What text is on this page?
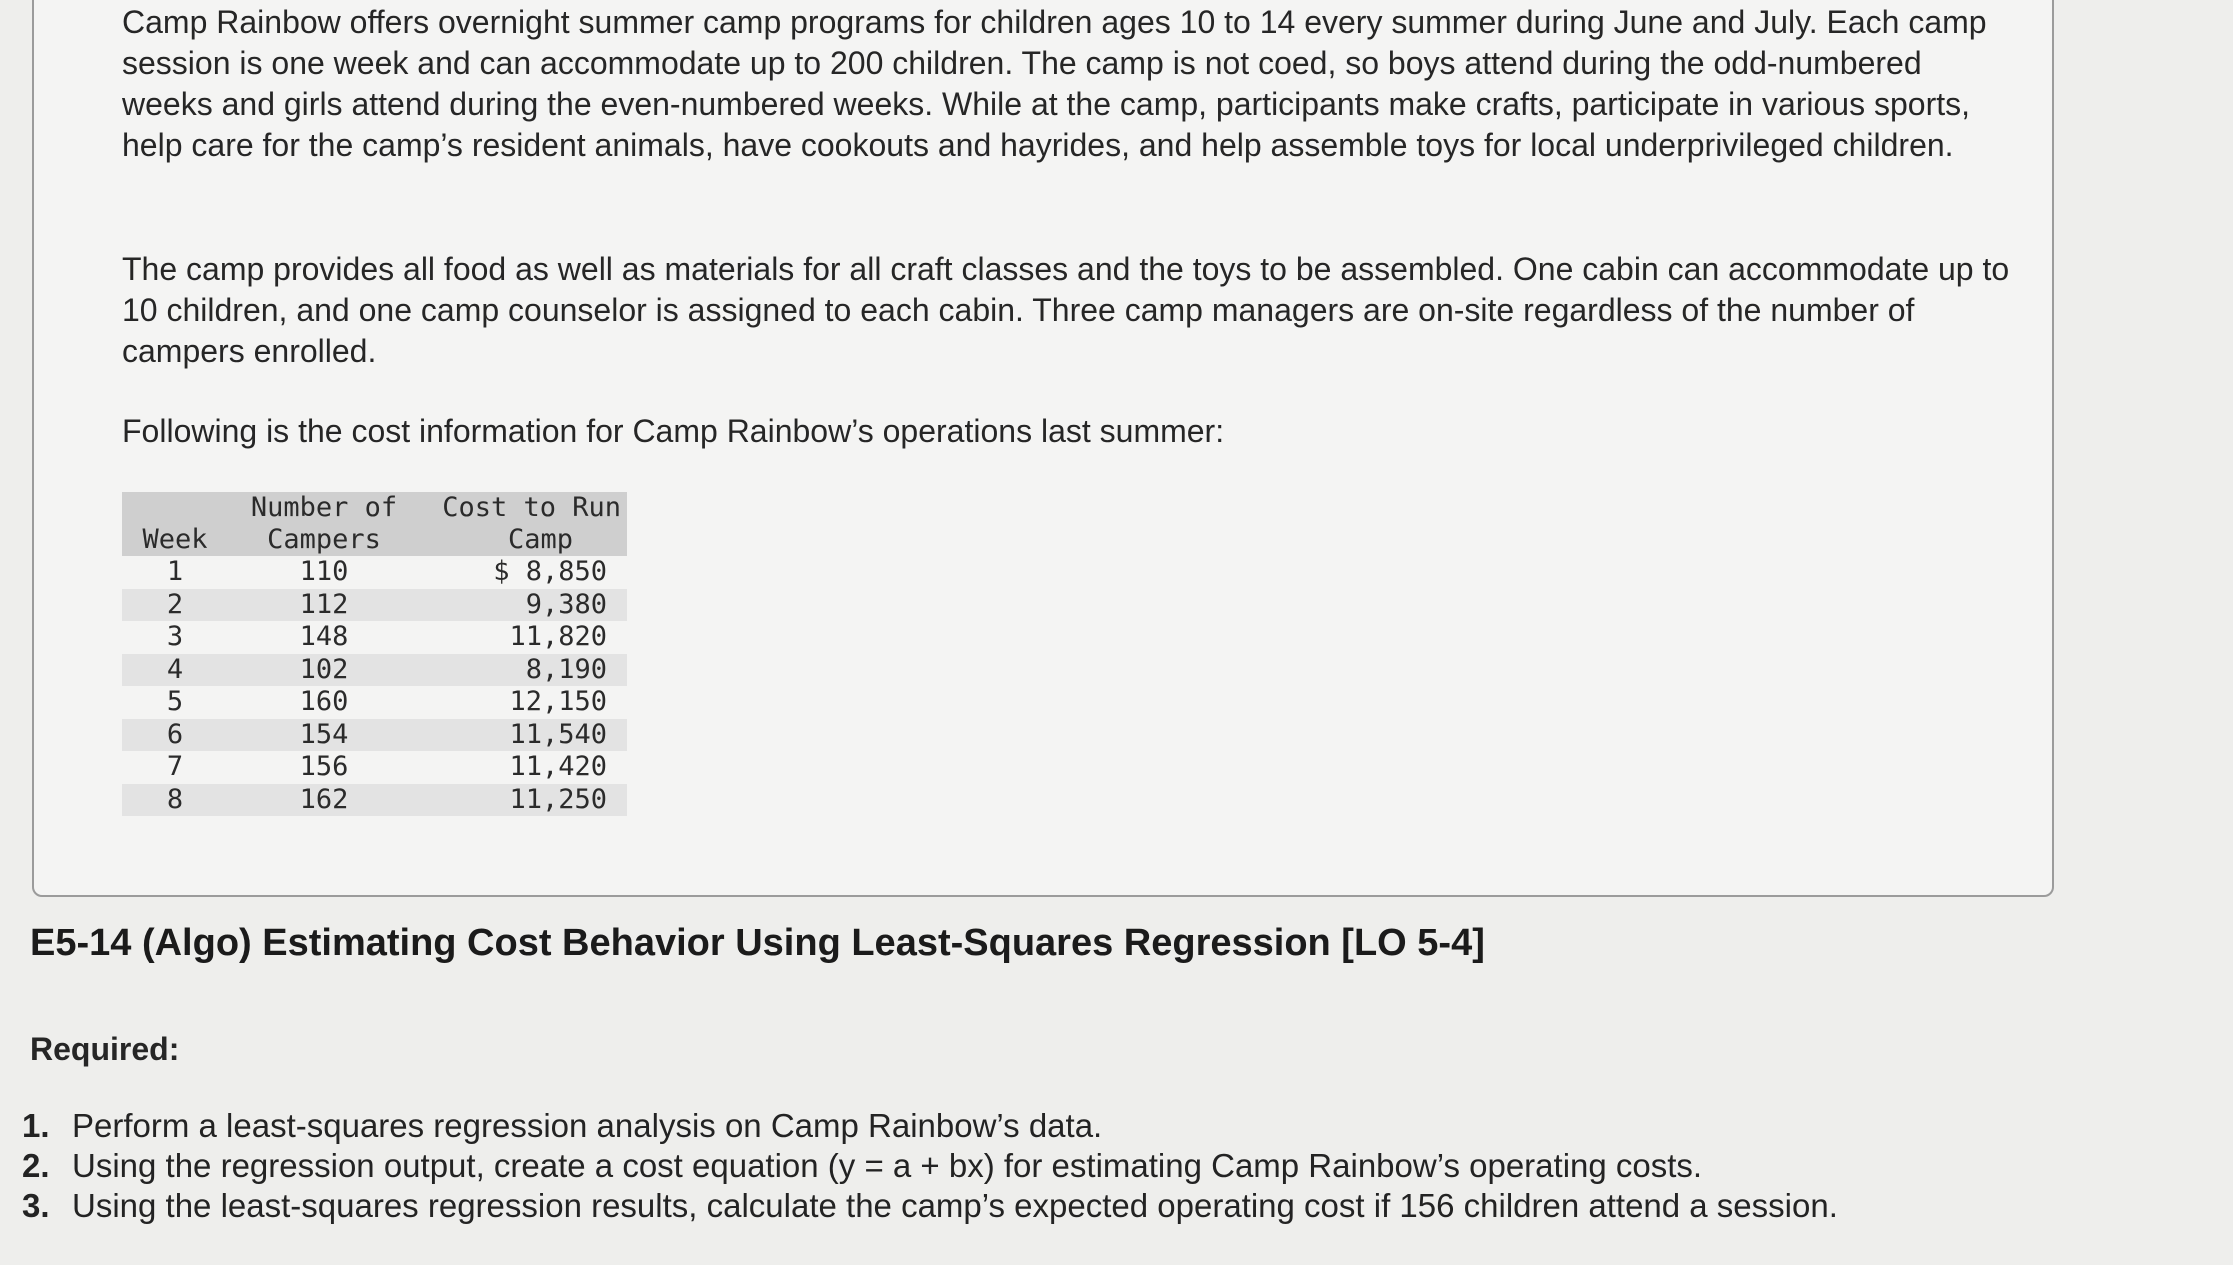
Camp Rainbow offers overnight summer camp programs for children ages 10 to 14 every summer during June and July. Each camp session is one week and can accommodate up to 200 children. The camp is not coed, so boys attend during the odd-numbered weeks and girls attend during the even-numbered weeks. While at the camp, participants make crafts, participate in various sports, help care for the camp’s resident animals, have cookouts and hayrides, and help assemble toys for local underprivileged children.

The camp provides all food as well as materials for all craft classes and the toys to be assembled. One cabin can accommodate up to 10 children, and one camp counselor is assigned to each cabin. Three camp managers are on-site regardless of the number of campers enrolled.

Following is the cost information for Camp Rainbow’s operations last summer:

	Number of	Cost to Run
Week	Campers	Camp
1	110	$ 8,850
2	112	9,380
3	148	11,820
4	102	8,190
5	160	12,150
6	154	11,540
7	156	11,420
8	162	11,250
E5-14 (Algo) Estimating Cost Behavior Using Least-Squares Regression [LO 5-4]

Required:

1. Perform a least-squares regression analysis on Camp Rainbow’s data.
2. Using the regression output, create a cost equation (y = a + bx) for estimating Camp Rainbow’s operating costs.
3. Using the least-squares regression results, calculate the camp’s expected operating cost if 156 children attend a session.
